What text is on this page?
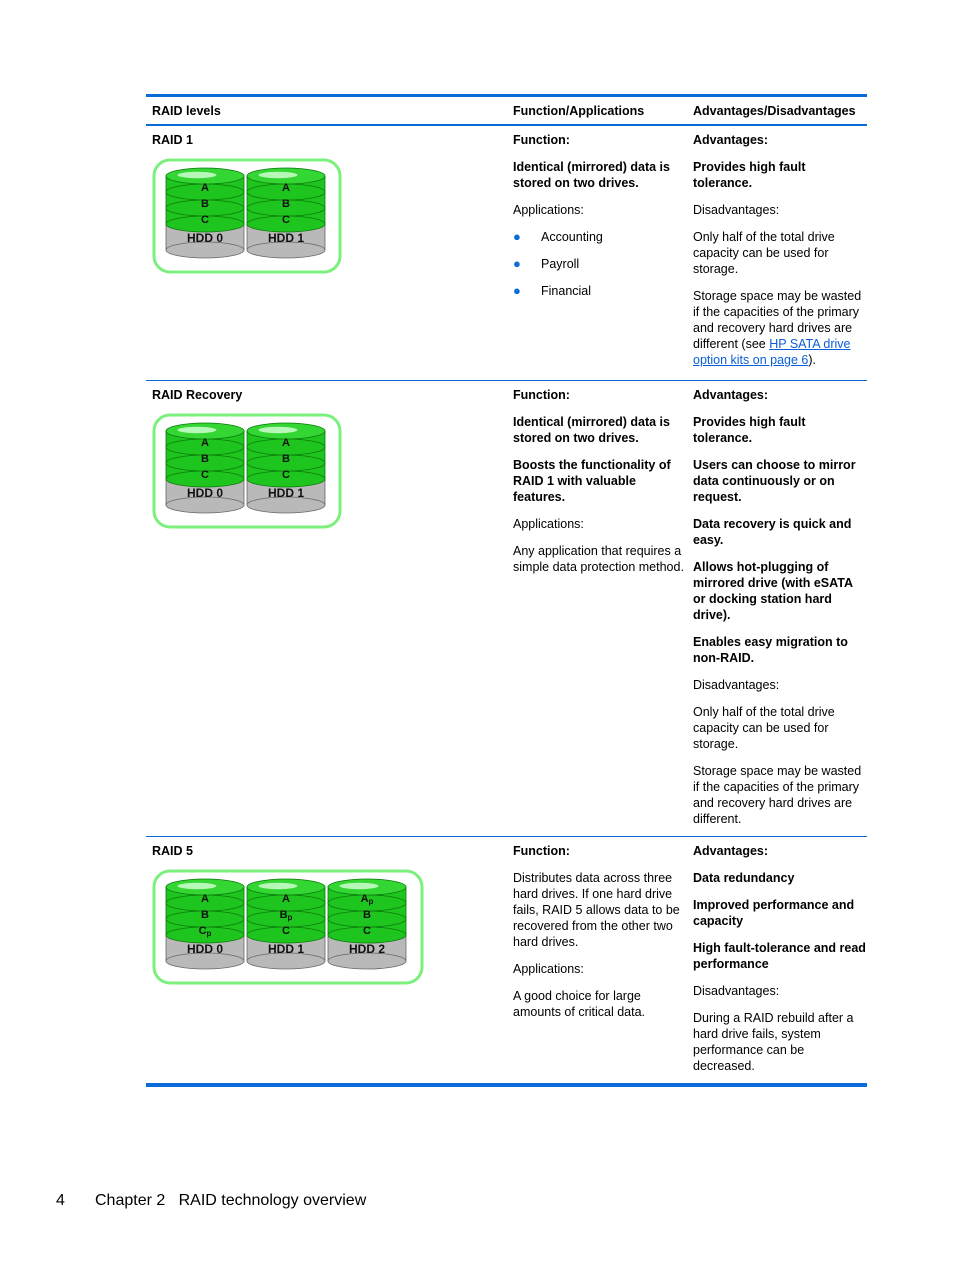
RAID levels	Function/Applications	Advantages/Disadvantages
RAID 1
A
B
C
HDD 0
A
B
C
HDD 1

Function:

Identical (mirrored) data is stored on two drives.

Applications:

● Accounting
● Payroll
● Financial

Advantages:

Provides high fault tolerance.

Disadvantages:

Only half of the total drive capacity can be used for storage.

Storage space may be wasted if the capacities of the primary and recovery hard drives are different (see HP SATA drive option kits on page 6).

RAID Recovery
A
B
C
HDD 0
A
B
C
HDD 1

Function:

Identical (mirrored) data is stored on two drives.

Boosts the functionality of RAID 1 with valuable features.

Applications:

Any application that requires a simple data protection method.

Advantages:

Provides high fault tolerance.

Users can choose to mirror data continuously or on request.

Data recovery is quick and easy.

Allows hot-plugging of mirrored drive (with eSATA or docking station hard drive).

Enables easy migration to non-RAID.

Disadvantages:

Only half of the total drive capacity can be used for storage.

Storage space may be wasted if the capacities of the primary and recovery hard drives are different.

RAID 5
A
B
Cp
HDD 0
A
Bp
C
HDD 1
Ap
B
C
HDD 2

Function:

Distributes data across three hard drives. If one hard drive fails, RAID 5 allows data to be recovered from the other two hard drives.

Applications:

A good choice for large amounts of critical data.

Advantages:

Data redundancy

Improved performance and capacity

High fault-tolerance and read performance

Disadvantages:

During a RAID rebuild after a hard drive fails, system performance can be decreased.

4 Chapter 2   RAID technology overview
